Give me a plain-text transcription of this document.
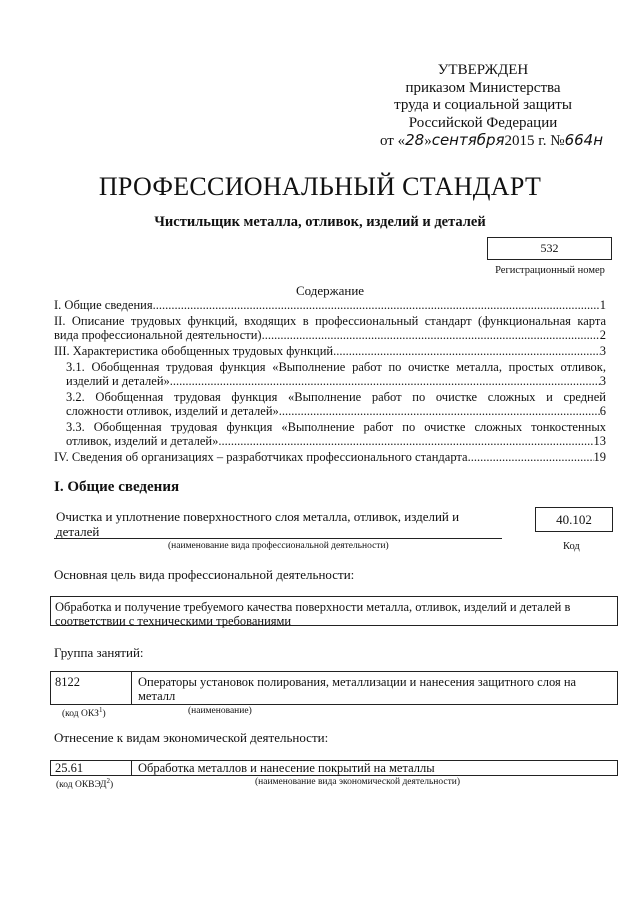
УТВЕРЖДЕН
приказом Министерства
труда и социальной защиты
Российской Федерации
от «28»сентября2015 г. №664н
ПРОФЕССИОНАЛЬНЫЙ СТАНДАРТ
Чистильщик металла, отливок, изделий и деталей
532
Регистрационный номер
Содержание
I. Общие сведения .....	1
II. Описание трудовых функций, входящих в профессиональный стандарт (функциональная карта
вида профессиональной деятельности) .....	2
III. Характеристика обобщенных трудовых функций .....	3
3.1. Обобщенная трудовая функция «Выполнение работ по очистке металла, простых отливок,
изделий и деталей» .....	3
3.2. Обобщенная трудовая функция «Выполнение работ по очистке сложных и средней
сложности отливок, изделий и деталей» .....	6
3.3. Обобщенная трудовая функция «Выполнение работ по очистке сложных тонкостенных
отливок, изделий и деталей» .....	13
IV. Сведения об организациях – разработчиках профессионального стандарта .....	19
I. Общие сведения
Очистка и уплотнение поверхностного слоя металла, отливок, изделий и деталей
(наименование вида профессиональной деятельности)
40.102
Код
Основная цель вида профессиональной деятельности:
Обработка и получение требуемого качества поверхности металла, отливок, изделий и деталей в соответствии с техническими требованиями
Группа занятий:
8122	Операторы установок полирования, металлизации и нанесения защитного слоя на металл
(код ОКЗ$^1$)	(наименование)
Отнесение к видам экономической деятельности:
25.61	Обработка металлов и нанесение покрытий на металлы
(код ОКВЭД$^2$)	(наименование вида экономической деятельности)
